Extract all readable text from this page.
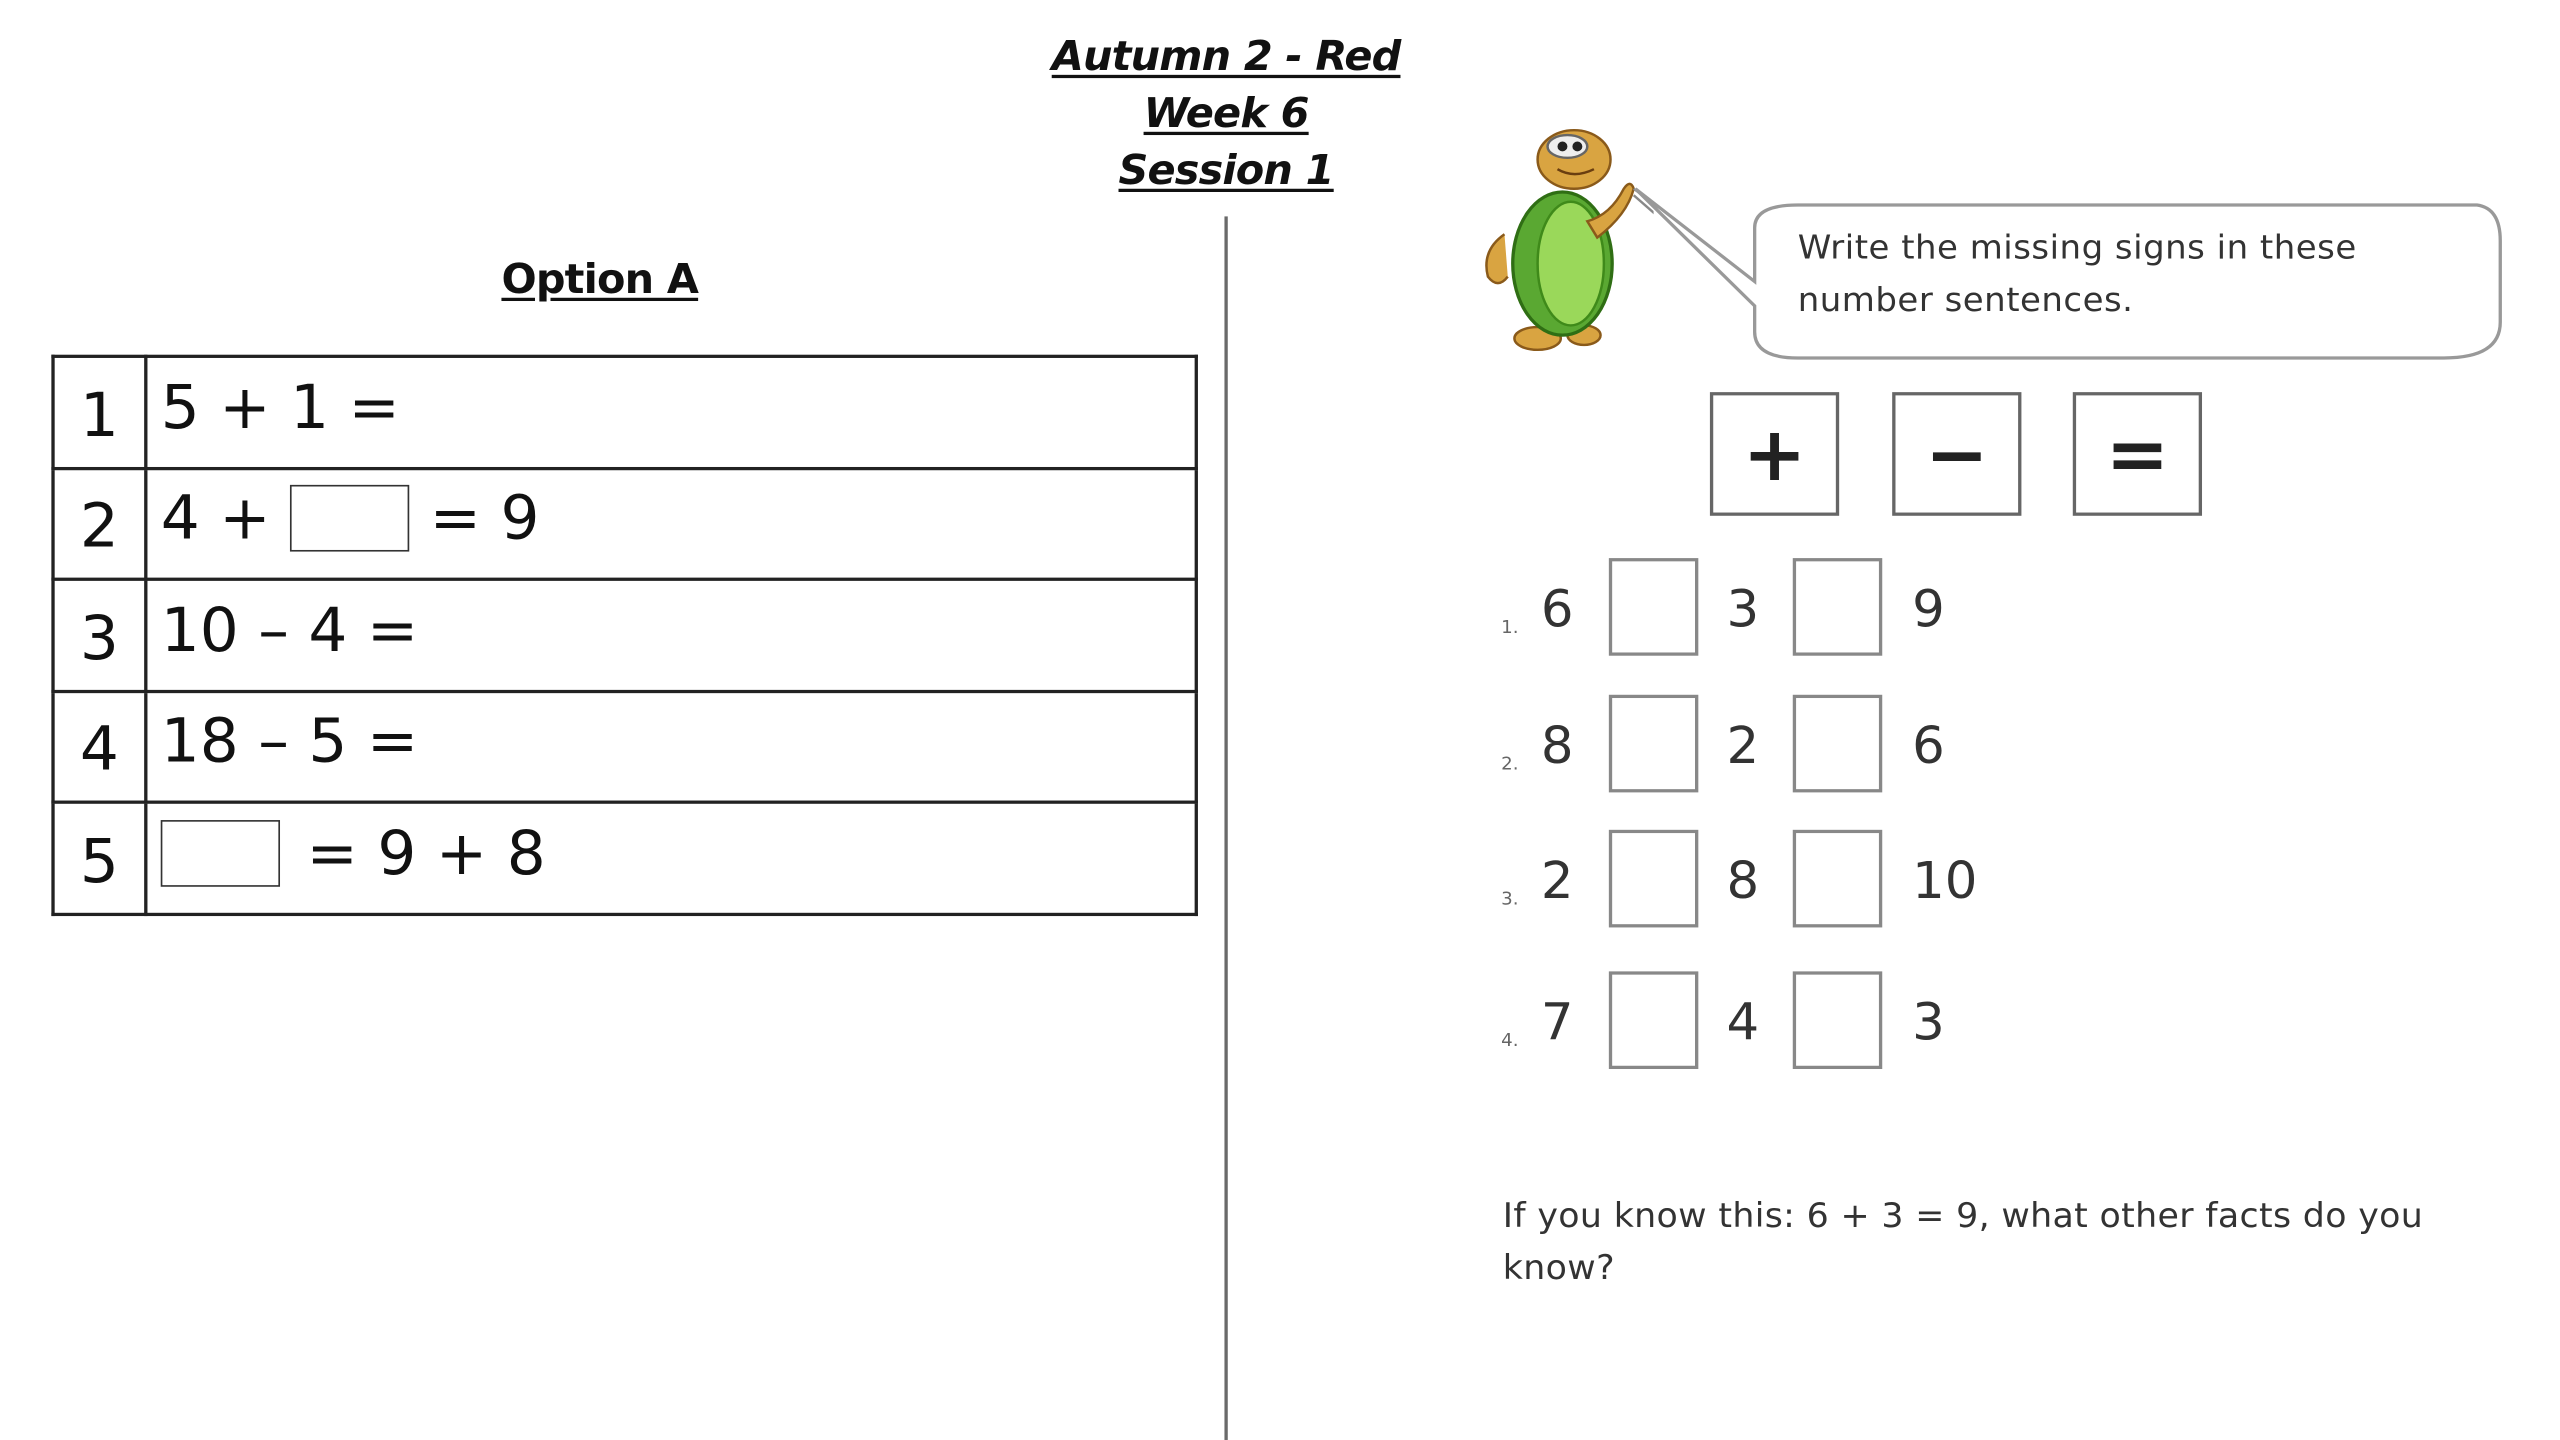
Autumn 2 - Red
Week 6
Session 1
Option A
1	5 + 1 =

2	4 + = 9

3	10 – 4 =

4	18 – 5 =

5	= 9 + 8
Write the missing signs in these number sentences.
+	−	=
1. 6	3	9
2. 8	2	6
3. 2	8	10
4. 7	4	3
If you know this: 6 + 3 = 9, what other facts do you know?
